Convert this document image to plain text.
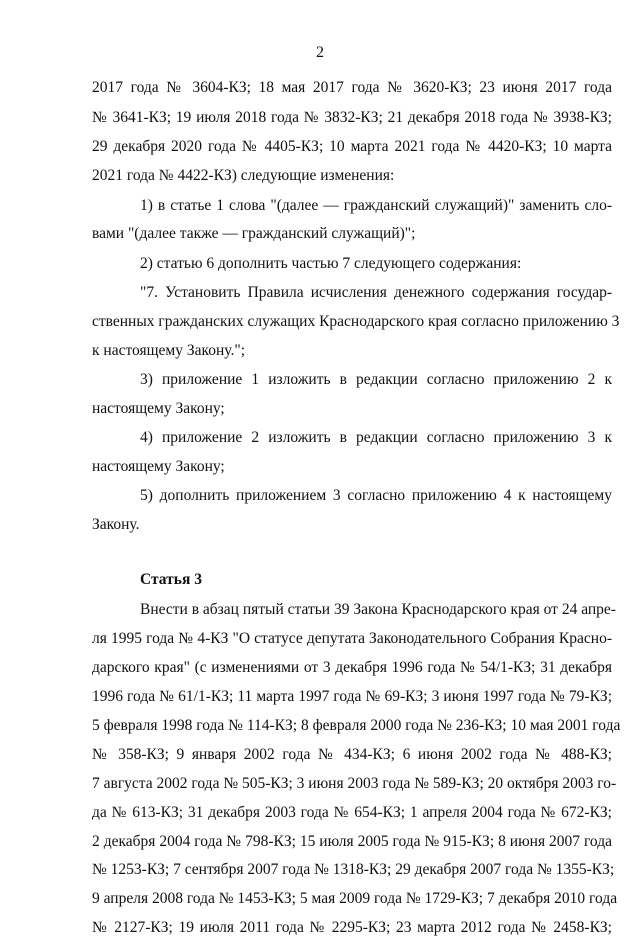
2
2017 года № 3604-КЗ; 18 мая 2017 года № 3620-КЗ; 23 июня 2017 года
№ 3641-КЗ; 19 июля 2018 года № 3832-КЗ; 21 декабря 2018 года № 3938-КЗ;
29 декабря 2020 года № 4405-КЗ; 10 марта 2021 года № 4420-КЗ; 10 марта
2021 года № 4422-КЗ) следующие изменения:
1) в статье 1 слова "(далее — гражданский служащий)" заменить сло-
вами "(далее также — гражданский служащий)";
2) статью 6 дополнить частью 7 следующего содержания:
"7. Установить Правила исчисления денежного содержания государ-
ственных гражданских служащих Краснодарского края согласно приложению 3
к настоящему Закону.";
3) приложение 1 изложить в редакции согласно приложению 2 к
настоящему Закону;
4) приложение 2 изложить в редакции согласно приложению 3 к
настоящему Закону;
5) дополнить приложением 3 согласно приложению 4 к настоящему
Закону.
Статья 3
Внести в абзац пятый статьи 39 Закона Краснодарского края от 24 апре-
ля 1995 года № 4-КЗ "О статусе депутата Законодательного Собрания Красно-
дарского края" (с изменениями от 3 декабря 1996 года № 54/1-КЗ; 31 декабря
1996 года № 61/1-КЗ; 11 марта 1997 года № 69-КЗ; 3 июня 1997 года № 79-КЗ;
5 февраля 1998 года № 114-КЗ; 8 февраля 2000 года № 236-КЗ; 10 мая 2001 года
№ 358-КЗ; 9 января 2002 года № 434-КЗ; 6 июня 2002 года № 488-КЗ;
7 августа 2002 года № 505-КЗ; 3 июня 2003 года № 589-КЗ; 20 октября 2003 го-
да № 613-КЗ; 31 декабря 2003 года № 654-КЗ; 1 апреля 2004 года № 672-КЗ;
2 декабря 2004 года № 798-КЗ; 15 июля 2005 года № 915-КЗ; 8 июня 2007 года
№ 1253-КЗ; 7 сентября 2007 года № 1318-КЗ; 29 декабря 2007 года № 1355-КЗ;
9 апреля 2008 года № 1453-КЗ; 5 мая 2009 года № 1729-КЗ; 7 декабря 2010 года
№ 2127-КЗ; 19 июля 2011 года № 2295-КЗ; 23 марта 2012 года № 2458-КЗ;
